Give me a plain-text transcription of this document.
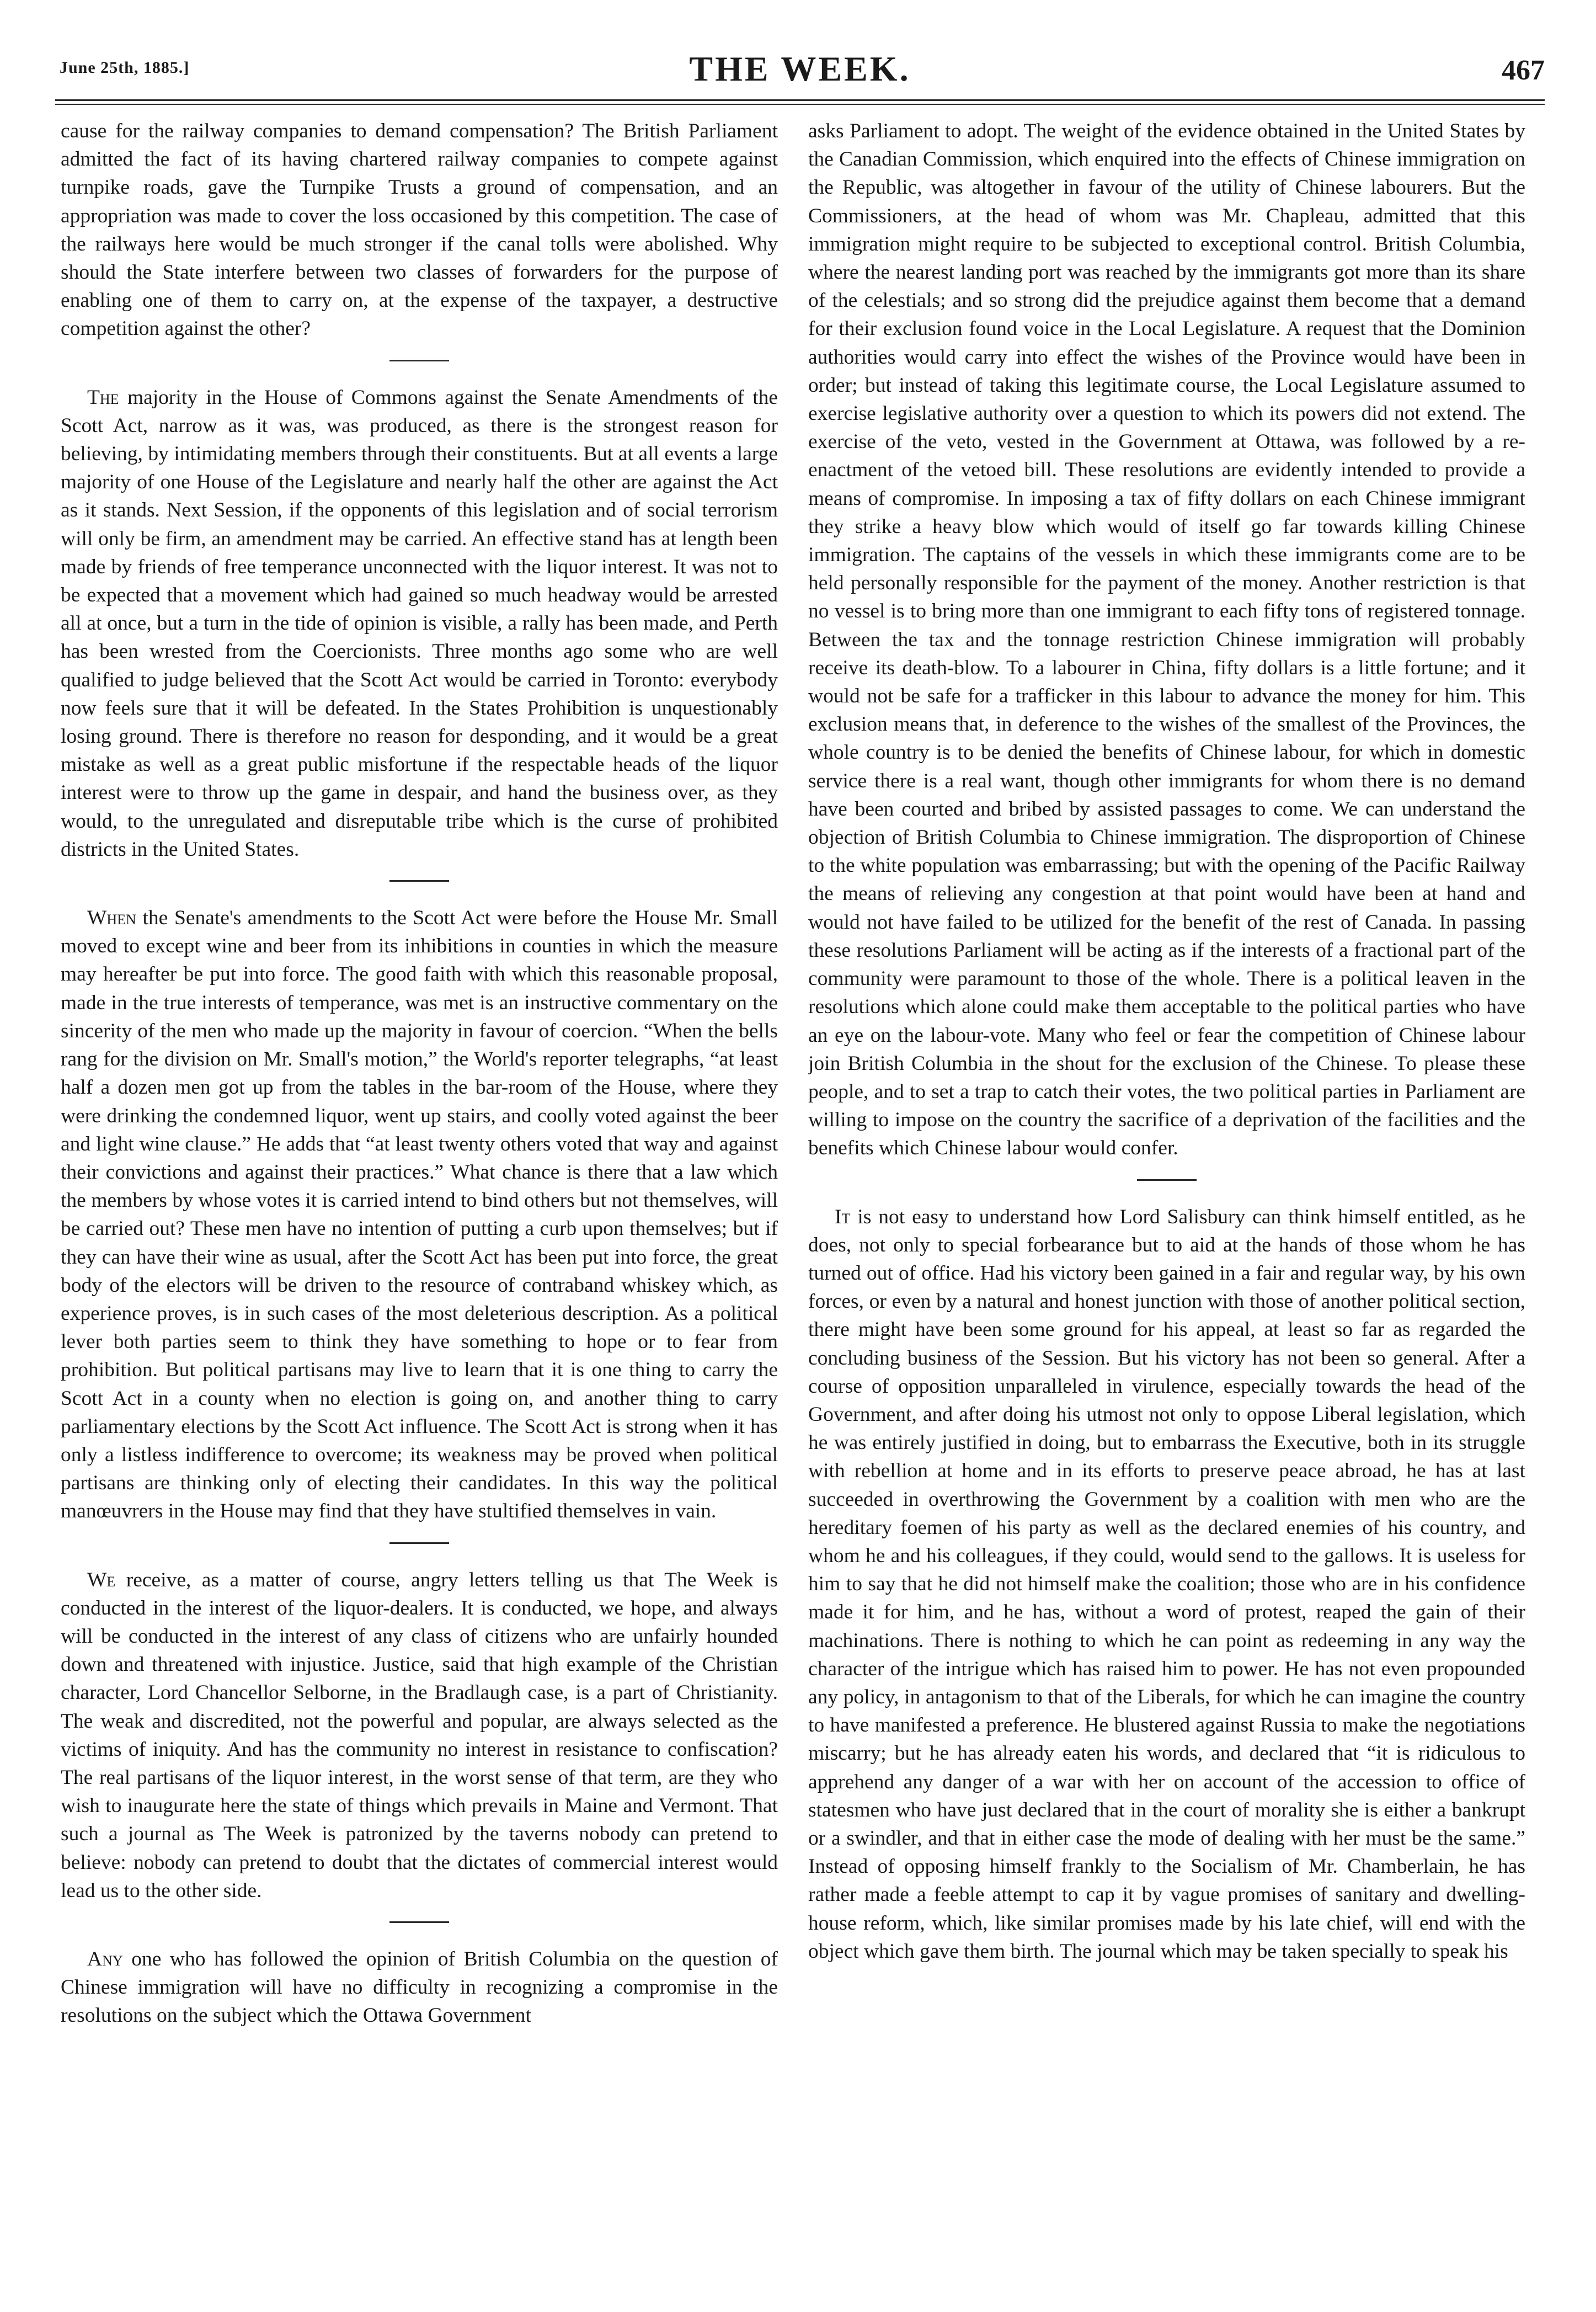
June 25th, 1885.]	THE WEEK.	467

cause for the railway companies to demand compensation? The British Parliament admitted the fact of its having chartered railway companies to compete against turnpike roads, gave the Turnpike Trusts a ground of compensation, and an appropriation was made to cover the loss occasioned by this competition. The case of the railways here would be much stronger if the canal tolls were abolished. Why should the State interfere between two classes of forwarders for the purpose of enabling one of them to carry on, at the expense of the taxpayer, a destructive competition against the other?

The majority in the House of Commons against the Senate Amendments of the Scott Act, narrow as it was, was produced, as there is the strongest reason for believing, by intimidating members through their constituents. But at all events a large majority of one House of the Legislature and nearly half the other are against the Act as it stands. Next Session, if the opponents of this legislation and of social terrorism will only be firm, an amendment may be carried. An effective stand has at length been made by friends of free temperance unconnected with the liquor interest. It was not to be expected that a movement which had gained so much headway would be arrested all at once, but a turn in the tide of opinion is visible, a rally has been made, and Perth has been wrested from the Coercionists. Three months ago some who are well qualified to judge believed that the Scott Act would be carried in Toronto: everybody now feels sure that it will be defeated. In the States Prohibition is unquestionably losing ground. There is therefore no reason for desponding, and it would be a great mistake as well as a great public misfortune if the respectable heads of the liquor interest were to throw up the game in despair, and hand the business over, as they would, to the unregulated and disreputable tribe which is the curse of prohibited districts in the United States.

When the Senate's amendments to the Scott Act were before the House Mr. Small moved to except wine and beer from its inhibitions in counties in which the measure may hereafter be put into force. The good faith with which this reasonable proposal, made in the true interests of temperance, was met is an instructive commentary on the sincerity of the men who made up the majority in favour of coercion. “When the bells rang for the division on Mr. Small's motion,” the World's reporter telegraphs, “at least half a dozen men got up from the tables in the bar-room of the House, where they were drinking the condemned liquor, went up stairs, and coolly voted against the beer and light wine clause.” He adds that “at least twenty others voted that way and against their convictions and against their practices.” What chance is there that a law which the members by whose votes it is carried intend to bind others but not themselves, will be carried out? These men have no intention of putting a curb upon themselves; but if they can have their wine as usual, after the Scott Act has been put into force, the great body of the electors will be driven to the resource of contraband whiskey which, as experience proves, is in such cases of the most deleterious description. As a political lever both parties seem to think they have something to hope or to fear from prohibition. But political partisans may live to learn that it is one thing to carry the Scott Act in a county when no election is going on, and another thing to carry parliamentary elections by the Scott Act influence. The Scott Act is strong when it has only a listless indifference to overcome; its weakness may be proved when political partisans are thinking only of electing their candidates. In this way the political manœuvrers in the House may find that they have stultified themselves in vain.

We receive, as a matter of course, angry letters telling us that The Week is conducted in the interest of the liquor-dealers. It is conducted, we hope, and always will be conducted in the interest of any class of citizens who are unfairly hounded down and threatened with injustice. Justice, said that high example of the Christian character, Lord Chancellor Selborne, in the Bradlaugh case, is a part of Christianity. The weak and discredited, not the powerful and popular, are always selected as the victims of iniquity. And has the community no interest in resistance to confiscation? The real partisans of the liquor interest, in the worst sense of that term, are they who wish to inaugurate here the state of things which prevails in Maine and Vermont. That such a journal as The Week is patronized by the taverns nobody can pretend to believe: nobody can pretend to doubt that the dictates of commercial interest would lead us to the other side.

Any one who has followed the opinion of British Columbia on the question of Chinese immigration will have no difficulty in recognizing a compromise in the resolutions on the subject which the Ottawa Government

asks Parliament to adopt. The weight of the evidence obtained in the United States by the Canadian Commission, which enquired into the effects of Chinese immigration on the Republic, was altogether in favour of the utility of Chinese labourers. But the Commissioners, at the head of whom was Mr. Chapleau, admitted that this immigration might require to be subjected to exceptional control. British Columbia, where the nearest landing port was reached by the immigrants got more than its share of the celestials; and so strong did the prejudice against them become that a demand for their exclusion found voice in the Local Legislature. A request that the Dominion authorities would carry into effect the wishes of the Province would have been in order; but instead of taking this legitimate course, the Local Legislature assumed to exercise legislative authority over a question to which its powers did not extend. The exercise of the veto, vested in the Government at Ottawa, was followed by a re-enactment of the vetoed bill. These resolutions are evidently intended to provide a means of compromise. In imposing a tax of fifty dollars on each Chinese immigrant they strike a heavy blow which would of itself go far towards killing Chinese immigration. The captains of the vessels in which these immigrants come are to be held personally responsible for the payment of the money. Another restriction is that no vessel is to bring more than one immigrant to each fifty tons of registered tonnage. Between the tax and the tonnage restriction Chinese immigration will probably receive its death-blow. To a labourer in China, fifty dollars is a little fortune; and it would not be safe for a trafficker in this labour to advance the money for him. This exclusion means that, in deference to the wishes of the smallest of the Provinces, the whole country is to be denied the benefits of Chinese labour, for which in domestic service there is a real want, though other immigrants for whom there is no demand have been courted and bribed by assisted passages to come. We can understand the objection of British Columbia to Chinese immigration. The disproportion of Chinese to the white population was embarrassing; but with the opening of the Pacific Railway the means of relieving any congestion at that point would have been at hand and would not have failed to be utilized for the benefit of the rest of Canada. In passing these resolutions Parliament will be acting as if the interests of a fractional part of the community were paramount to those of the whole. There is a political leaven in the resolutions which alone could make them acceptable to the political parties who have an eye on the labour-vote. Many who feel or fear the competition of Chinese labour join British Columbia in the shout for the exclusion of the Chinese. To please these people, and to set a trap to catch their votes, the two political parties in Parliament are willing to impose on the country the sacrifice of a deprivation of the facilities and the benefits which Chinese labour would confer.

It is not easy to understand how Lord Salisbury can think himself entitled, as he does, not only to special forbearance but to aid at the hands of those whom he has turned out of office. Had his victory been gained in a fair and regular way, by his own forces, or even by a natural and honest junction with those of another political section, there might have been some ground for his appeal, at least so far as regarded the concluding business of the Session. But his victory has not been so general. After a course of opposition unparalleled in virulence, especially towards the head of the Government, and after doing his utmost not only to oppose Liberal legislation, which he was entirely justified in doing, but to embarrass the Executive, both in its struggle with rebellion at home and in its efforts to preserve peace abroad, he has at last succeeded in overthrowing the Government by a coalition with men who are the hereditary foemen of his party as well as the declared enemies of his country, and whom he and his colleagues, if they could, would send to the gallows. It is useless for him to say that he did not himself make the coalition; those who are in his confidence made it for him, and he has, without a word of protest, reaped the gain of their machinations. There is nothing to which he can point as redeeming in any way the character of the intrigue which has raised him to power. He has not even propounded any policy, in antagonism to that of the Liberals, for which he can imagine the country to have manifested a preference. He blustered against Russia to make the negotiations miscarry; but he has already eaten his words, and declared that “it is ridiculous to apprehend any danger of a war with her on account of the accession to office of statesmen who have just declared that in the court of morality she is either a bankrupt or a swindler, and that in either case the mode of dealing with her must be the same.” Instead of opposing himself frankly to the Socialism of Mr. Chamberlain, he has rather made a feeble attempt to cap it by vague promises of sanitary and dwelling-house reform, which, like similar promises made by his late chief, will end with the object which gave them birth. The journal which may be taken specially to speak his
